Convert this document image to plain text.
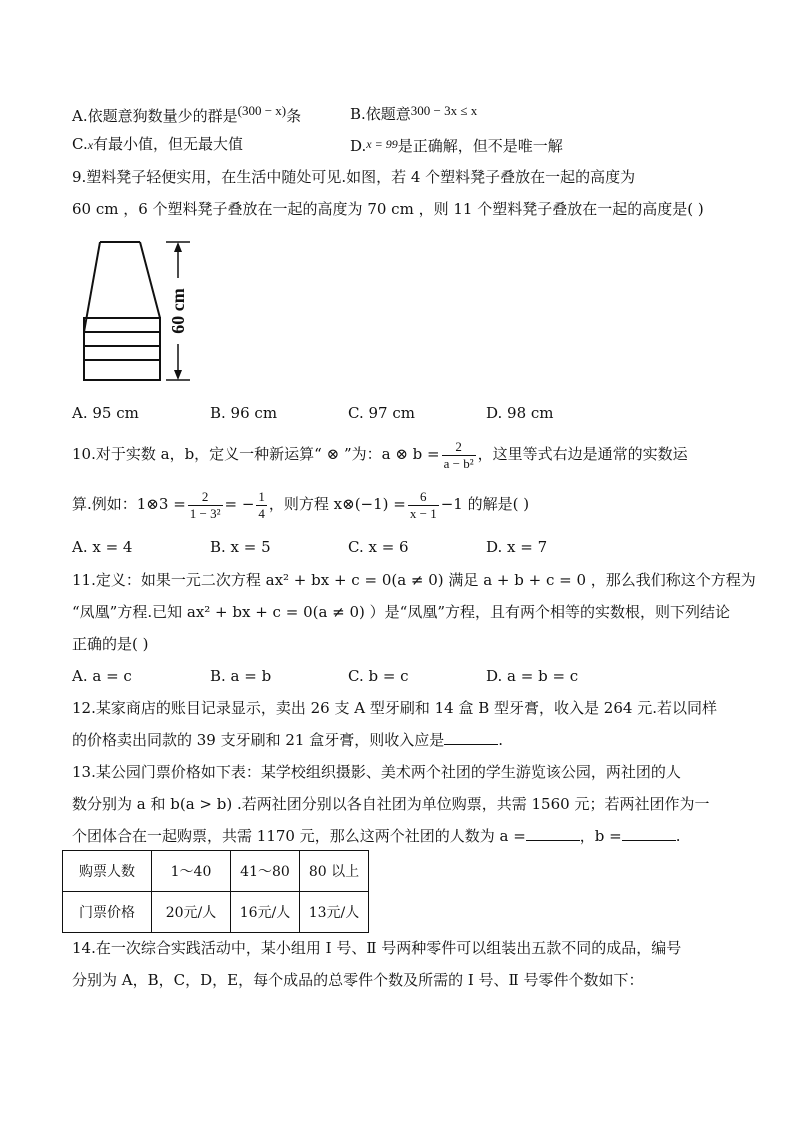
A.依题意狗数量少的群是(300 − x)条	B.依题意300 − 3x ≤ x
C.x有最小值，但无最大值	D.$^{x = 99}$是正确解，但不是唯一解
9.塑料凳子轻便实用，在生活中随处可见.如图，若 4 个塑料凳子叠放在一起的高度为
60 cm ，6 个塑料凳子叠放在一起的高度为 70 cm ，则 11 个塑料凳子叠放在一起的高度是( )
60 cm
A. 95 cm	B. 96 cm	C. 97 cm	D. 98 cm
10.对于实数 a，b，定义一种新运算“ ⊗ ”为：a ⊗ $b = \frac{2}{\text{a − b²}}$ ，这里等式右边是通常的实数运
算.例如：1⊗3 = $\frac{2}{\text{1 − 3²}}$ = − $\frac{1}{4}$ ，则方程 x⊗(−1) = $\frac{6}{x - 1} -1$ 的解是( )
A. x = 4	B. x = 5	C. x = 6	D. x = 7
11.定义：如果一元二次方程 ax² + bx + c = 0(a ≠ 0) 满足 a + b + c = 0 ，那么我们称这个方程为
“凤凰”方程.已知 ax² + bx + c = 0(a ≠ 0) ）是“凤凰”方程，且有两个相等的实数根，则下列结论
正确的是( )
A. a = c	B. a = b	C. b = c	D. a = b = c
12.某家商店的账目记录显示，卖出 26 支 A 型牙刷和 14 盒 B 型牙膏，收入是 264 元.若以同样
的价格卖出同款的 39 支牙刷和 21 盒牙膏，则收入应是	.
13.某公园门票价格如下表：某学校组织摄影、美术两个社团的学生游览该公园，两社团的人
数分别为 a 和 b(a > b) .若两社团分别以各自社团为单位购票，共需 1560 元；若两社团作为一
个团体合在一起购票，共需 1170 元，那么这两个社团的人数为 a =	，b =	.
购票人数	1～40	41～80	80 以上
门票价格	20元/人	16元/人	13元/人
14.在一次综合实践活动中，某小组用 Ⅰ 号、Ⅱ 号两种零件可以组装出五款不同的成品，编号
分别为 A，B，C，D，E，每个成品的总零件个数及所需的 Ⅰ 号、Ⅱ 号零件个数如下：
